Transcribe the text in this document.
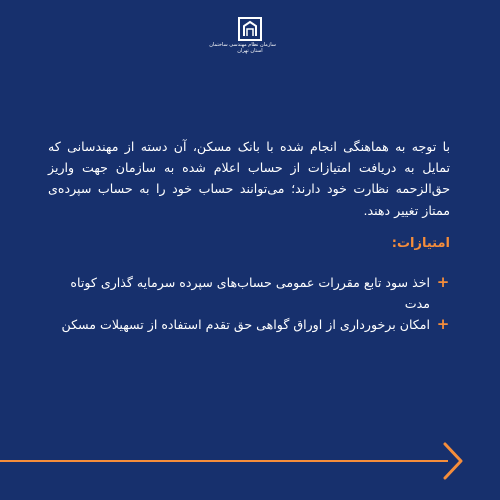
سازمان نظام مهندسی ساختمان
استان تهران

با توجه به هماهنگی انجام شده با بانک مسکن، آن دسته از مهندسانی که تمایل به دریافت امتیازات از حساب اعلام شده به سازمان جهت واریز حق‌الزحمه نظارت خود دارند؛ می‌توانند حساب خود را به حساب سپرده‌ی ممتاز تغییر دهند.

امتیازات:
+
اخذ سود تابع مقررات عمومی حساب‌های سپرده سرمایه گذاری کوتاه مدت
+
امکان برخورداری از اوراق گواهی حق تقدم استفاده از تسهیلات مسکن
